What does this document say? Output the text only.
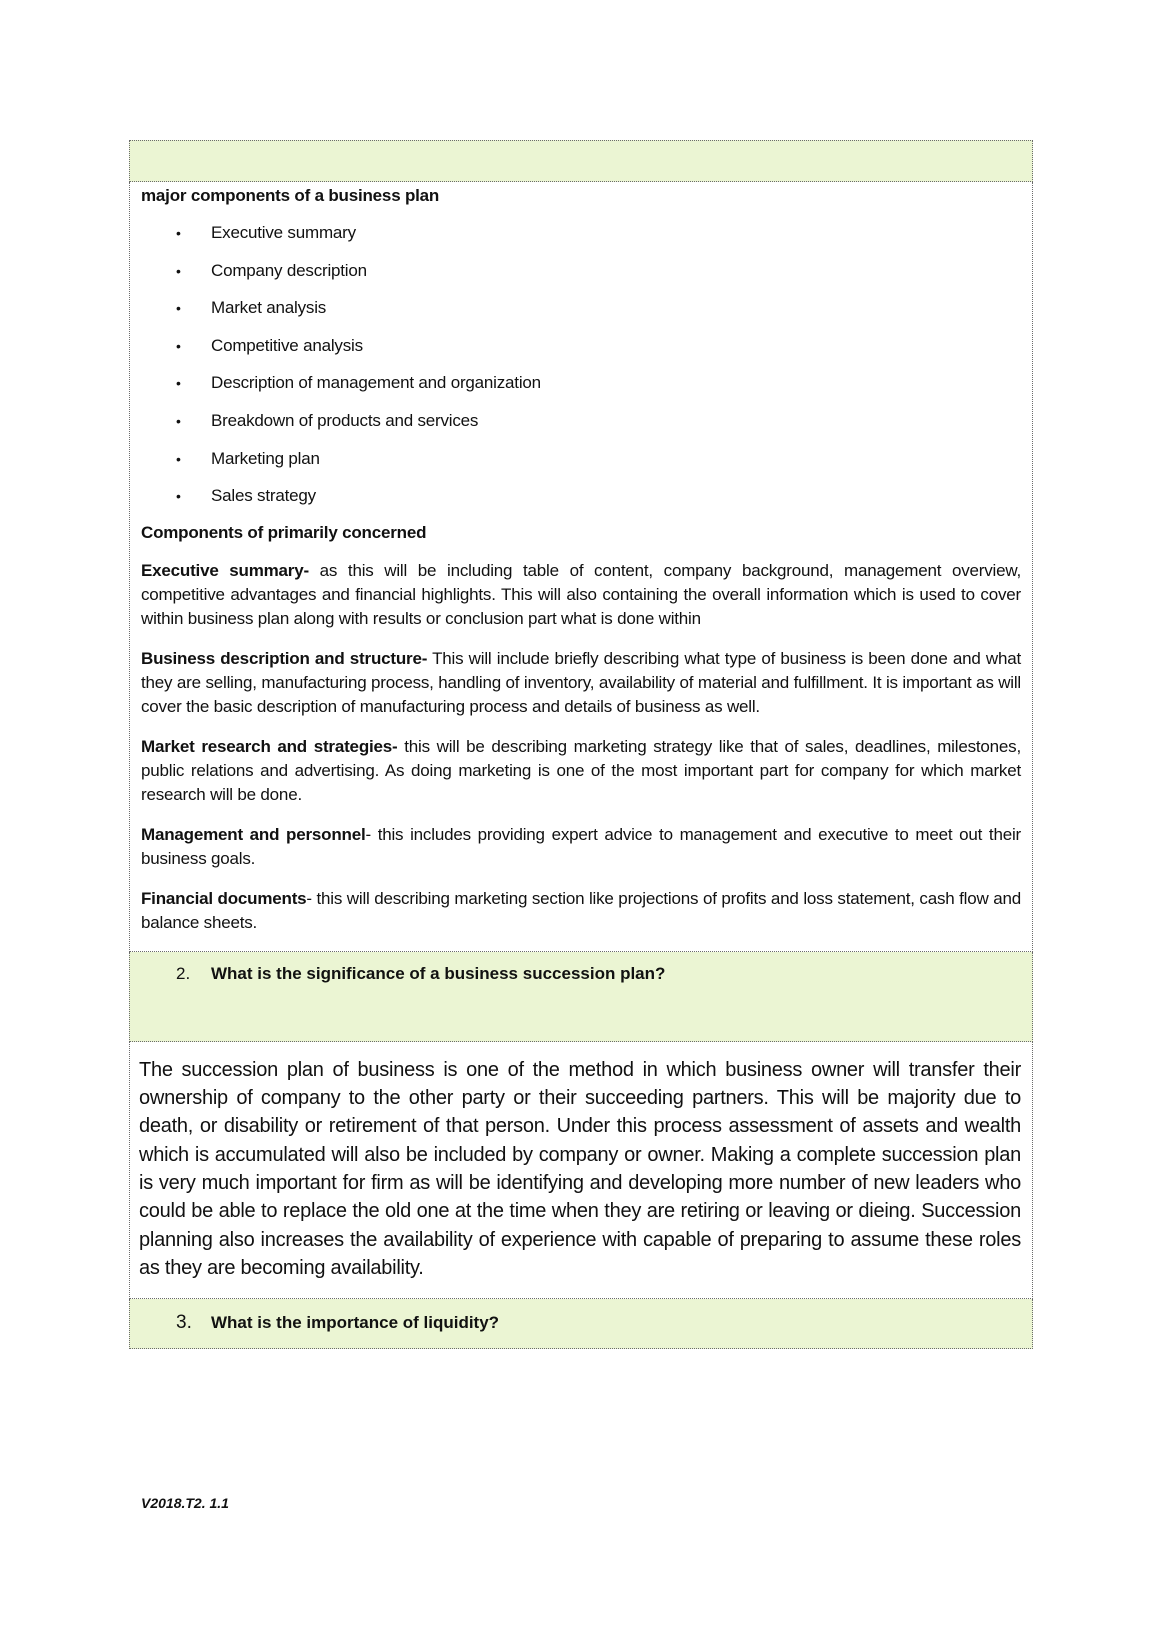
major components of a business plan

• Executive summary
• Company description
• Market analysis
• Competitive analysis
• Description of management and organization
• Breakdown of products and services
• Marketing plan
• Sales strategy

Components of primarily concerned

Executive summary- as this will be including table of content, company background, management overview, competitive advantages and financial highlights. This will also containing the overall information which is used to cover within business plan along with results or conclusion part what is done within

Business description and structure- This will include briefly describing what type of business is been done and what they are selling, manufacturing process, handling of inventory, availability of material and fulfillment. It is important as will cover the basic description of manufacturing process and details of business as well.

Market research and strategies- this will be describing marketing strategy like that of sales, deadlines, milestones, public relations and advertising. As doing marketing is one of the most important part for company for which market research will be done.

Management and personnel- this includes providing expert advice to management and executive to meet out their business goals.

Financial documents- this will describing marketing section like projections of profits and loss statement, cash flow and balance sheets.

2. What is the significance of a business succession plan?

The succession plan of business is one of the method in which business owner will transfer their ownership of company to the other party or their succeeding partners. This will be majority due to death, or disability or retirement of that person. Under this process assessment of assets and wealth which is accumulated will also be included by company or owner. Making a complete succession plan is very much important for firm as will be identifying and developing more number of new leaders who could be able to replace the old one at the time when they are retiring or leaving or dieing. Succession planning also increases the availability of experience with capable of preparing to assume these roles as they are becoming availability.

3. What is the importance of liquidity?
V2018.T2. 1.1
